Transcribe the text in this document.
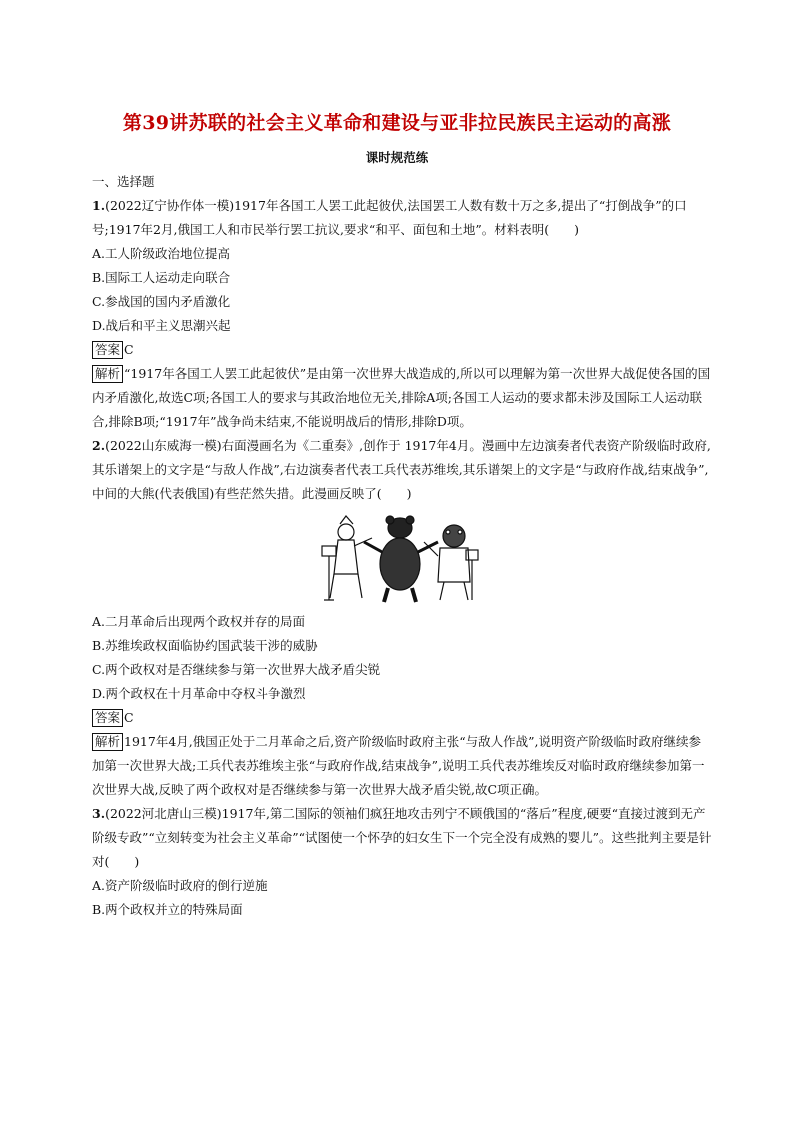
第39讲苏联的社会主义革命和建设与亚非拉民族民主运动的高涨
课时规范练
一、选择题
1.(2022辽宁协作体一模)1917年各国工人罢工此起彼伏,法国罢工人数有数十万之多,提出了“打倒战争”的口号;1917年2月,俄国工人和市民举行罢工抗议,要求“和平、面包和土地”。材料表明(　　)
A.工人阶级政治地位提高
B.国际工人运动走向联合
C.参战国的国内矛盾激化
D.战后和平主义思潮兴起
答案 C
解析 “1917年各国工人罢工此起彼伏”是由第一次世界大战造成的,所以可以理解为第一次世界大战促使各国的国内矛盾激化,故选C项;各国工人的要求与其政治地位无关,排除A项;各国工人运动的要求都未涉及国际工人运动联合,排除B项;“1917年”战争尚未结束,不能说明战后的情形,排除D项。
2.(2022山东威海一模)右面漫画名为《二重奏》,创作于 1917年4月。漫画中左边演奏者代表资产阶级临时政府,其乐谱架上的文字是“与敌人作战”,右边演奏者代表工兵代表苏维埃,其乐谱架上的文字是“与政府作战,结束战争”,中间的大熊(代表俄国)有些茫然失措。此漫画反映了(　　)
A.二月革命后出现两个政权并存的局面
B.苏维埃政权面临协约国武装干涉的威胁
C.两个政权对是否继续参与第一次世界大战矛盾尖锐
D.两个政权在十月革命中夺权斗争激烈
答案 C
解析 1917年4月,俄国正处于二月革命之后,资产阶级临时政府主张“与敌人作战”,说明资产阶级临时政府继续参加第一次世界大战;工兵代表苏维埃主张“与政府作战,结束战争”,说明工兵代表苏维埃反对临时政府继续参加第一次世界大战,反映了两个政权对是否继续参与第一次世界大战矛盾尖锐,故C项正确。
3.(2022河北唐山三模)1917年,第二国际的领袖们疯狂地攻击列宁不顾俄国的“落后”程度,硬要“直接过渡到无产阶级专政”“立刻转变为社会主义革命”“试图使一个怀孕的妇女生下一个完全没有成熟的婴儿”。这些批判主要是针对(　　)
A.资产阶级临时政府的倒行逆施
B.两个政权并立的特殊局面
